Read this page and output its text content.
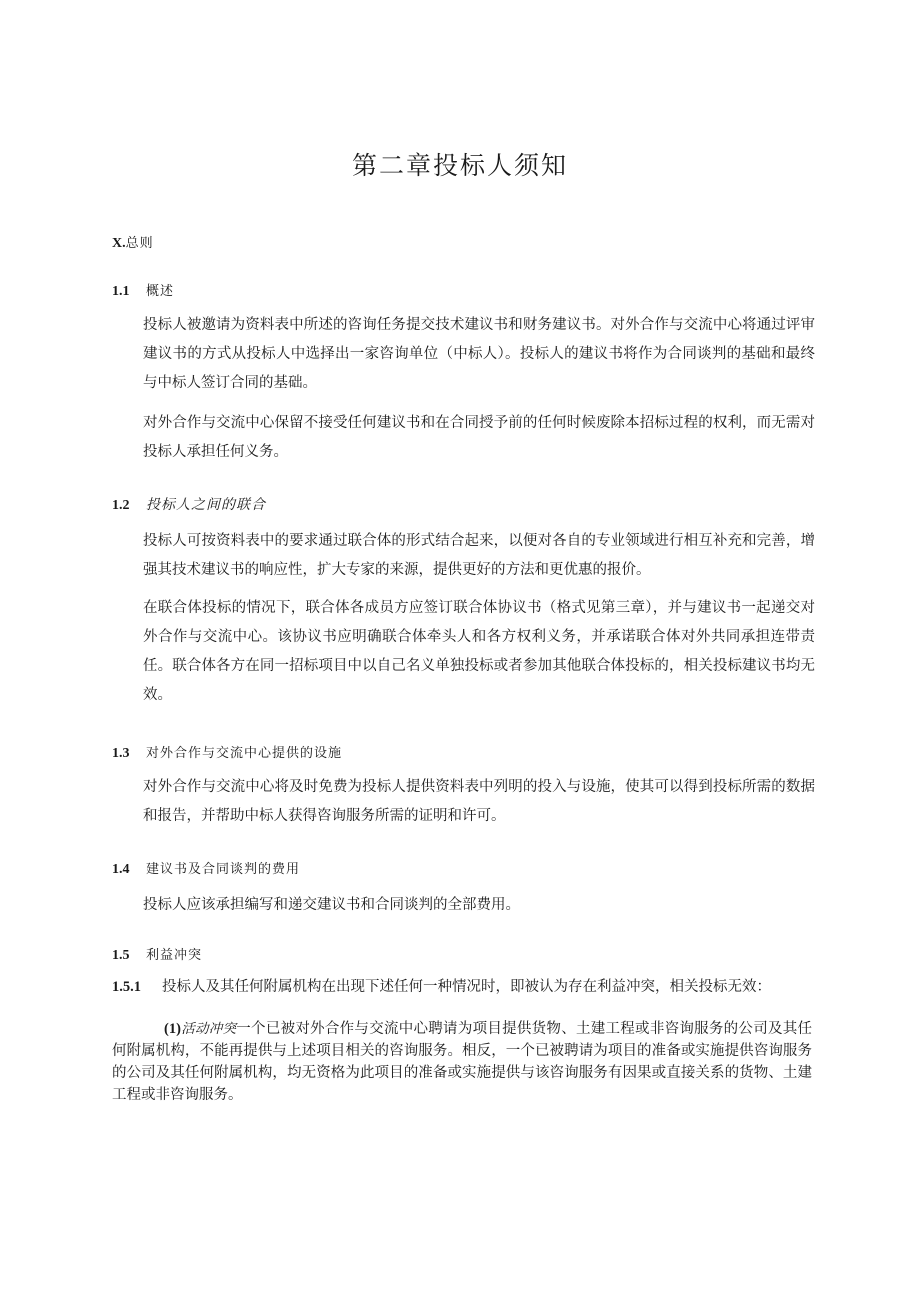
第二章投标人须知
X.总则
1.1 概述
投标人被邀请为资料表中所述的咨询任务提交技术建议书和财务建议书。对外合作与交流中心将通过评审建议书的方式从投标人中选择出一家咨询单位（中标人）。投标人的建议书将作为合同谈判的基础和最终与中标人签订合同的基础。
对外合作与交流中心保留不接受任何建议书和在合同授予前的任何时候废除本招标过程的权利，而无需对投标人承担任何义务。
1.2 投标人之间的联合
投标人可按资料表中的要求通过联合体的形式结合起来，以便对各自的专业领域进行相互补充和完善，增强其技术建议书的响应性，扩大专家的来源，提供更好的方法和更优惠的报价。
在联合体投标的情况下，联合体各成员方应签订联合体协议书（格式见第三章），并与建议书一起递交对外合作与交流中心。该协议书应明确联合体牵头人和各方权利义务，并承诺联合体对外共同承担连带责任。联合体各方在同一招标项目中以自己名义单独投标或者参加其他联合体投标的，相关投标建议书均无效。
1.3 对外合作与交流中心提供的设施
对外合作与交流中心将及时免费为投标人提供资料表中列明的投入与设施，使其可以得到投标所需的数据和报告，并帮助中标人获得咨询服务所需的证明和许可。
1.4 建议书及合同谈判的费用
投标人应该承担编写和递交建议书和合同谈判的全部费用。
1.5 利益冲突
1.5.1 投标人及其任何附属机构在出现下述任何一种情况时，即被认为存在利益冲突，相关投标无效：
(1)活动冲突一个已被对外合作与交流中心聘请为项目提供货物、土建工程或非咨询服务的公司及其任何附属机构，不能再提供与上述项目相关的咨询服务。相反，一个已被聘请为项目的准备或实施提供咨询服务的公司及其任何附属机构，均无资格为此项目的准备或实施提供与该咨询服务有因果或直接关系的货物、土建工程或非咨询服务。
